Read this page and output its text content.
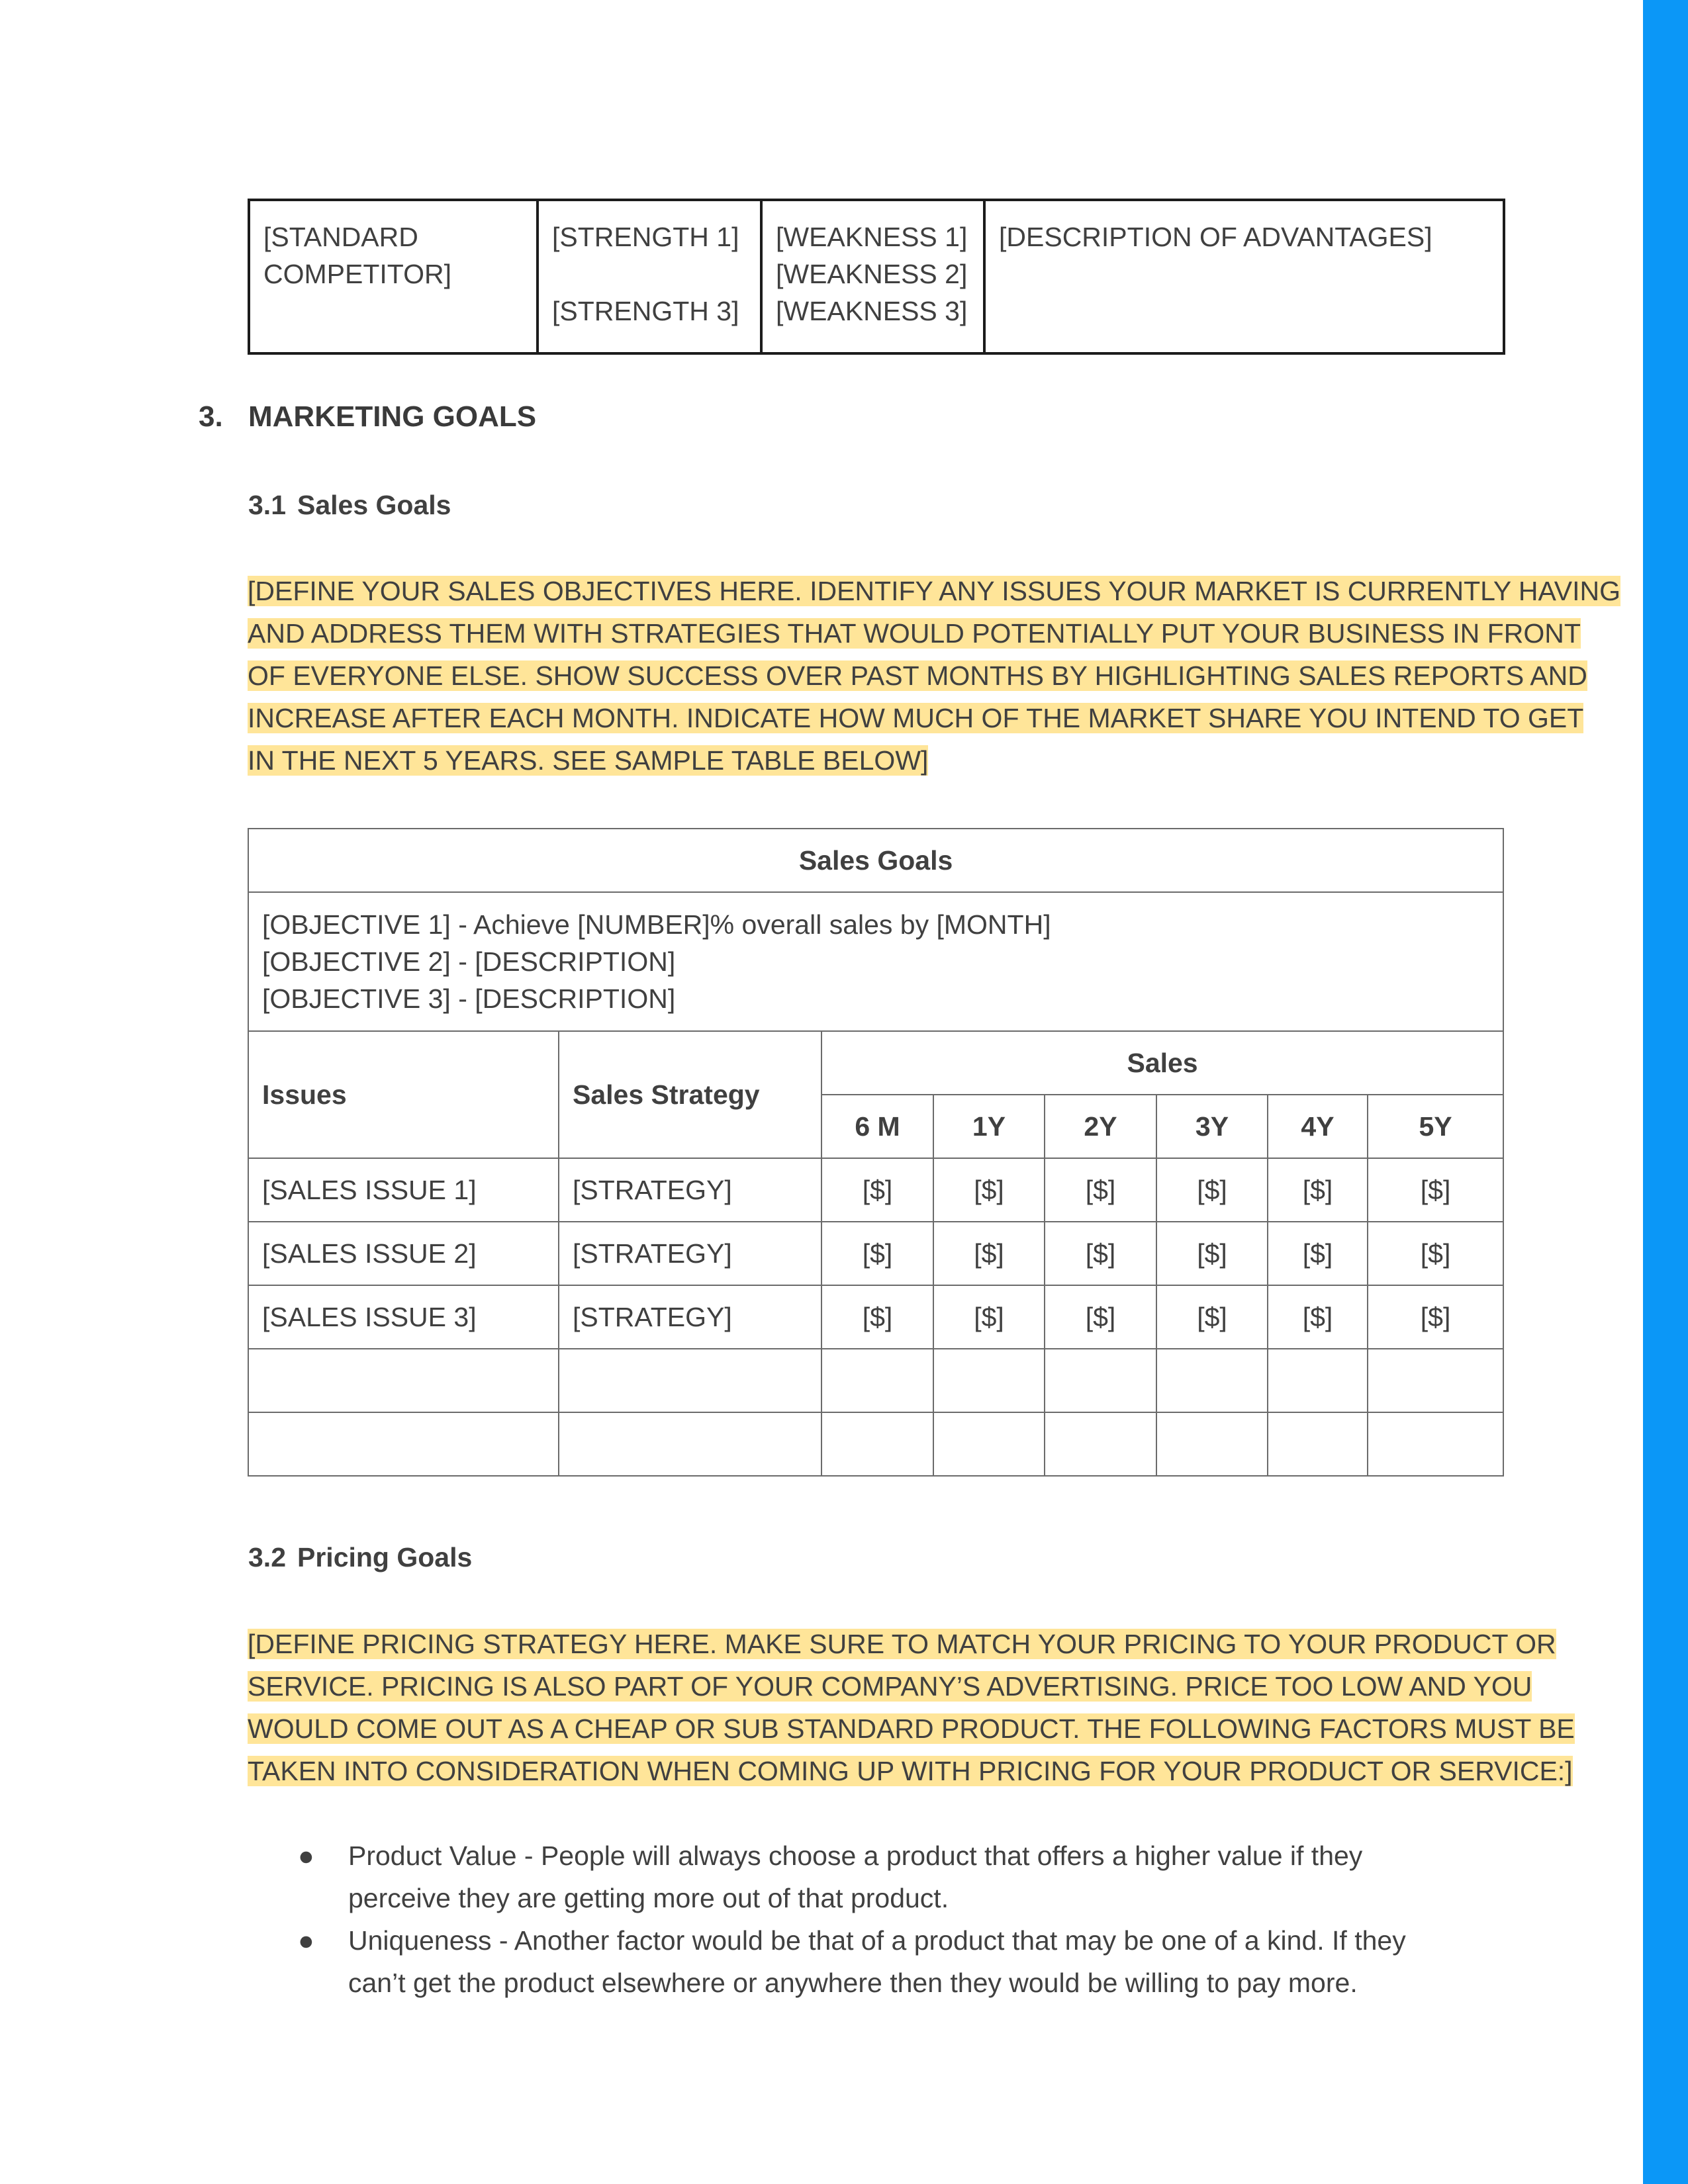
[STANDARD
COMPETITOR]

[STRENGTH 1]
[STRENGTH 3]

[WEAKNESS 1]
[WEAKNESS 2]
[WEAKNESS 3]

[DESCRIPTION OF ADVANTAGES]
3. MARKETING GOALS
3.1 Sales Goals
[DEFINE YOUR SALES OBJECTIVES HERE. IDENTIFY ANY ISSUES YOUR MARKET IS CURRENTLY HAVING
AND ADDRESS THEM WITH STRATEGIES THAT WOULD POTENTIALLY PUT YOUR BUSINESS IN FRONT
OF EVERYONE ELSE. SHOW SUCCESS OVER PAST MONTHS BY HIGHLIGHTING SALES REPORTS AND
INCREASE AFTER EACH MONTH. INDICATE HOW MUCH OF THE MARKET SHARE YOU INTEND TO GET
IN THE NEXT 5 YEARS. SEE SAMPLE TABLE BELOW]
Sales Goals							

[OBJECTIVE 1] - Achieve [NUMBER]% overall sales by [MONTH]
[OBJECTIVE 2] - [DESCRIPTION]
[OBJECTIVE 3] - [DESCRIPTION]							

Issues	Sales Strategy	Sales					
		6 M	1Y	2Y	3Y	4Y	5Y
[SALES ISSUE 1]	[STRATEGY]	[$]	[$]	[$]	[$]	[$]	[$]
[SALES ISSUE 2]	[STRATEGY]	[$]	[$]	[$]	[$]	[$]	[$]
[SALES ISSUE 3]	[STRATEGY]	[$]	[$]	[$]	[$]	[$]	[$]

3.2 Pricing Goals
[DEFINE PRICING STRATEGY HERE. MAKE SURE TO MATCH YOUR PRICING TO YOUR PRODUCT OR
SERVICE. PRICING IS ALSO PART OF YOUR COMPANY’S ADVERTISING. PRICE TOO LOW AND YOU
WOULD COME OUT AS A CHEAP OR SUB STANDARD PRODUCT. THE FOLLOWING FACTORS MUST BE
TAKEN INTO CONSIDERATION WHEN COMING UP WITH PRICING FOR YOUR PRODUCT OR SERVICE:]
●	Product Value - People will always choose a product that offers a higher value if they
perceive they are getting more out of that product.
●	Uniqueness - Another factor would be that of a product that may be one of a kind. If they
can’t get the product elsewhere or anywhere then they would be willing to pay more.
